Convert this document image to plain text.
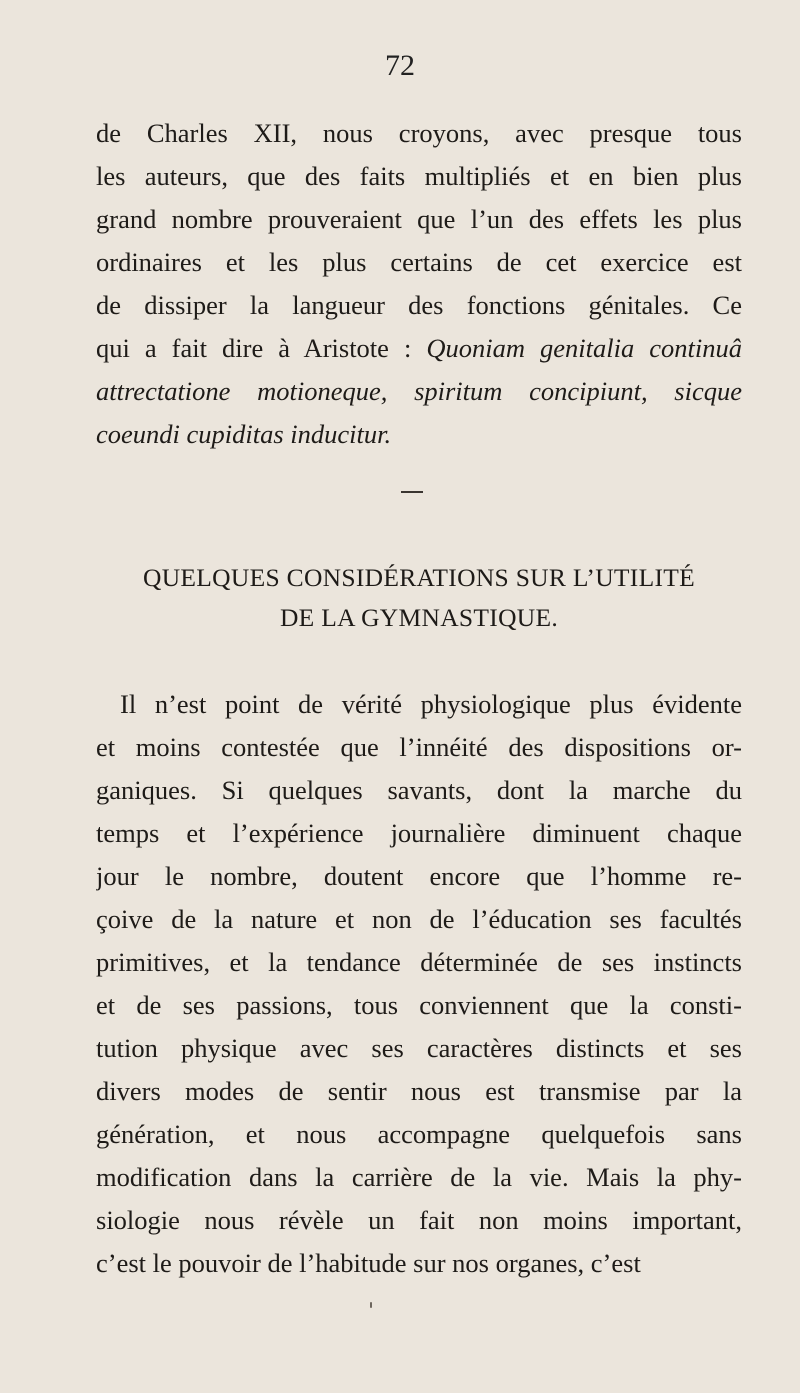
72
de Charles XII, nous croyons, avec presque tous
les auteurs, que des faits multipliés et en bien plus
grand nombre prouveraient que l’un des effets les plus
ordinaires et les plus certains de cet exercice est
de dissiper la langueur des fonctions génitales. Ce
qui a fait dire à Aristote : Quoniam genitalia continuâ
attrectatione motioneque, spiritum concipiunt, sicque
coeundi cupiditas inducitur.
QUELQUES CONSIDÉRATIONS SUR L’UTILITÉ
DE LA GYMNASTIQUE.
Il n’est point de vérité physiologique plus évidente
et moins contestée que l’innéité des dispositions or-
ganiques. Si quelques savants, dont la marche du
temps et l’expérience journalière diminuent chaque
jour le nombre, doutent encore que l’homme re-
çoive de la nature et non de l’éducation ses facultés
primitives, et la tendance déterminée de ses instincts
et de ses passions, tous conviennent que la consti-
tution physique avec ses caractères distincts et ses
divers modes de sentir nous est transmise par la
génération, et nous accompagne quelquefois sans
modification dans la carrière de la vie. Mais la phy-
siologie nous révèle un fait non moins important,
c’est le pouvoir de l’habitude sur nos organes, c’est
